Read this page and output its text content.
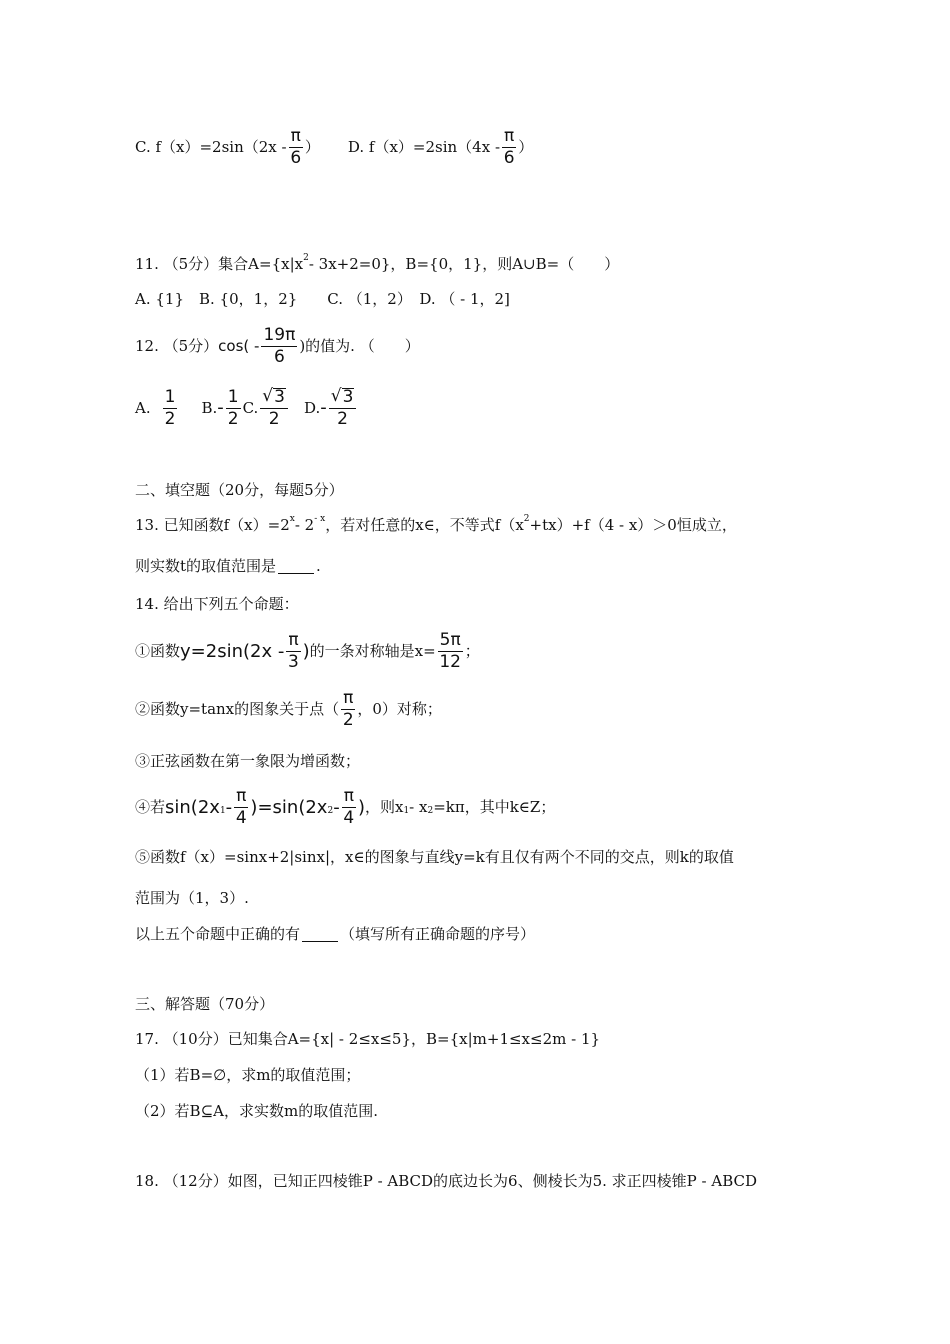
C. $f(x)=2\sin(2x - \frac{\pi}{6}$ ） D. $f(x)=2\sin(4x - \frac{\pi}{6}$ ）
11. （5分）集合A={x|x 2 - 3x+2=0}，B={0，1}，则A∪B=（　　）
A. {1}　B. {0，1，2}　　C. （1，2）　D. （ - 1，2]
12. （5分） $\cos( - \frac{19\pi}{6}$ )的值为. （　　）
A. $\frac{1}{2} B$. - $\frac{1}{2} C$. $\frac{√ 3}{2} D$. - $\frac{√ 3}{2}$
二、填空题（20分，每题5分）
13. 已知函数f（x）=2 x - 2 - x ，若对任意的x∈，不等式f（x 2 +tx）+f（4 - x）＞0恒成立，
则实数t的取值范围是	.
14. 给出下列五个命题：
①函数 $y=2\sin(2x - \frac{\pi}{3}$ ) 的一条对称轴是$x= \frac{5\pi}{12}$ ；
②函数y=tanx的图象关于点（ $\frac{\pi}{2}$ ，0）对称；
③正弦函数在第一象限为增函数；
④若 sin(2x $1 - \frac{\pi}{4} )=\sin(2x$ $2 - \frac{\pi}{4}$ ) ，则x 1 - x 2 =kπ，其中k∈Z；
⑤函数f（x）=sinx+2|sinx|，x∈的图象与直线y=k有且仅有两个不同的交点，则k的取值
范围为（1，3）.
以上五个命题中正确的有	（填写所有正确命题的序号）
三、解答题（70分）
17. （10分）已知集合A={x| - 2≤x≤5}，B={x|m+1≤x≤2m - 1}
（1）若B=∅，求m的取值范围；
（2）若B⊆A，求实数m的取值范围.
18. （12分）如图，已知正四棱锥P - ABCD的底边长为6、侧棱长为5. 求正四棱锥P - ABCD
